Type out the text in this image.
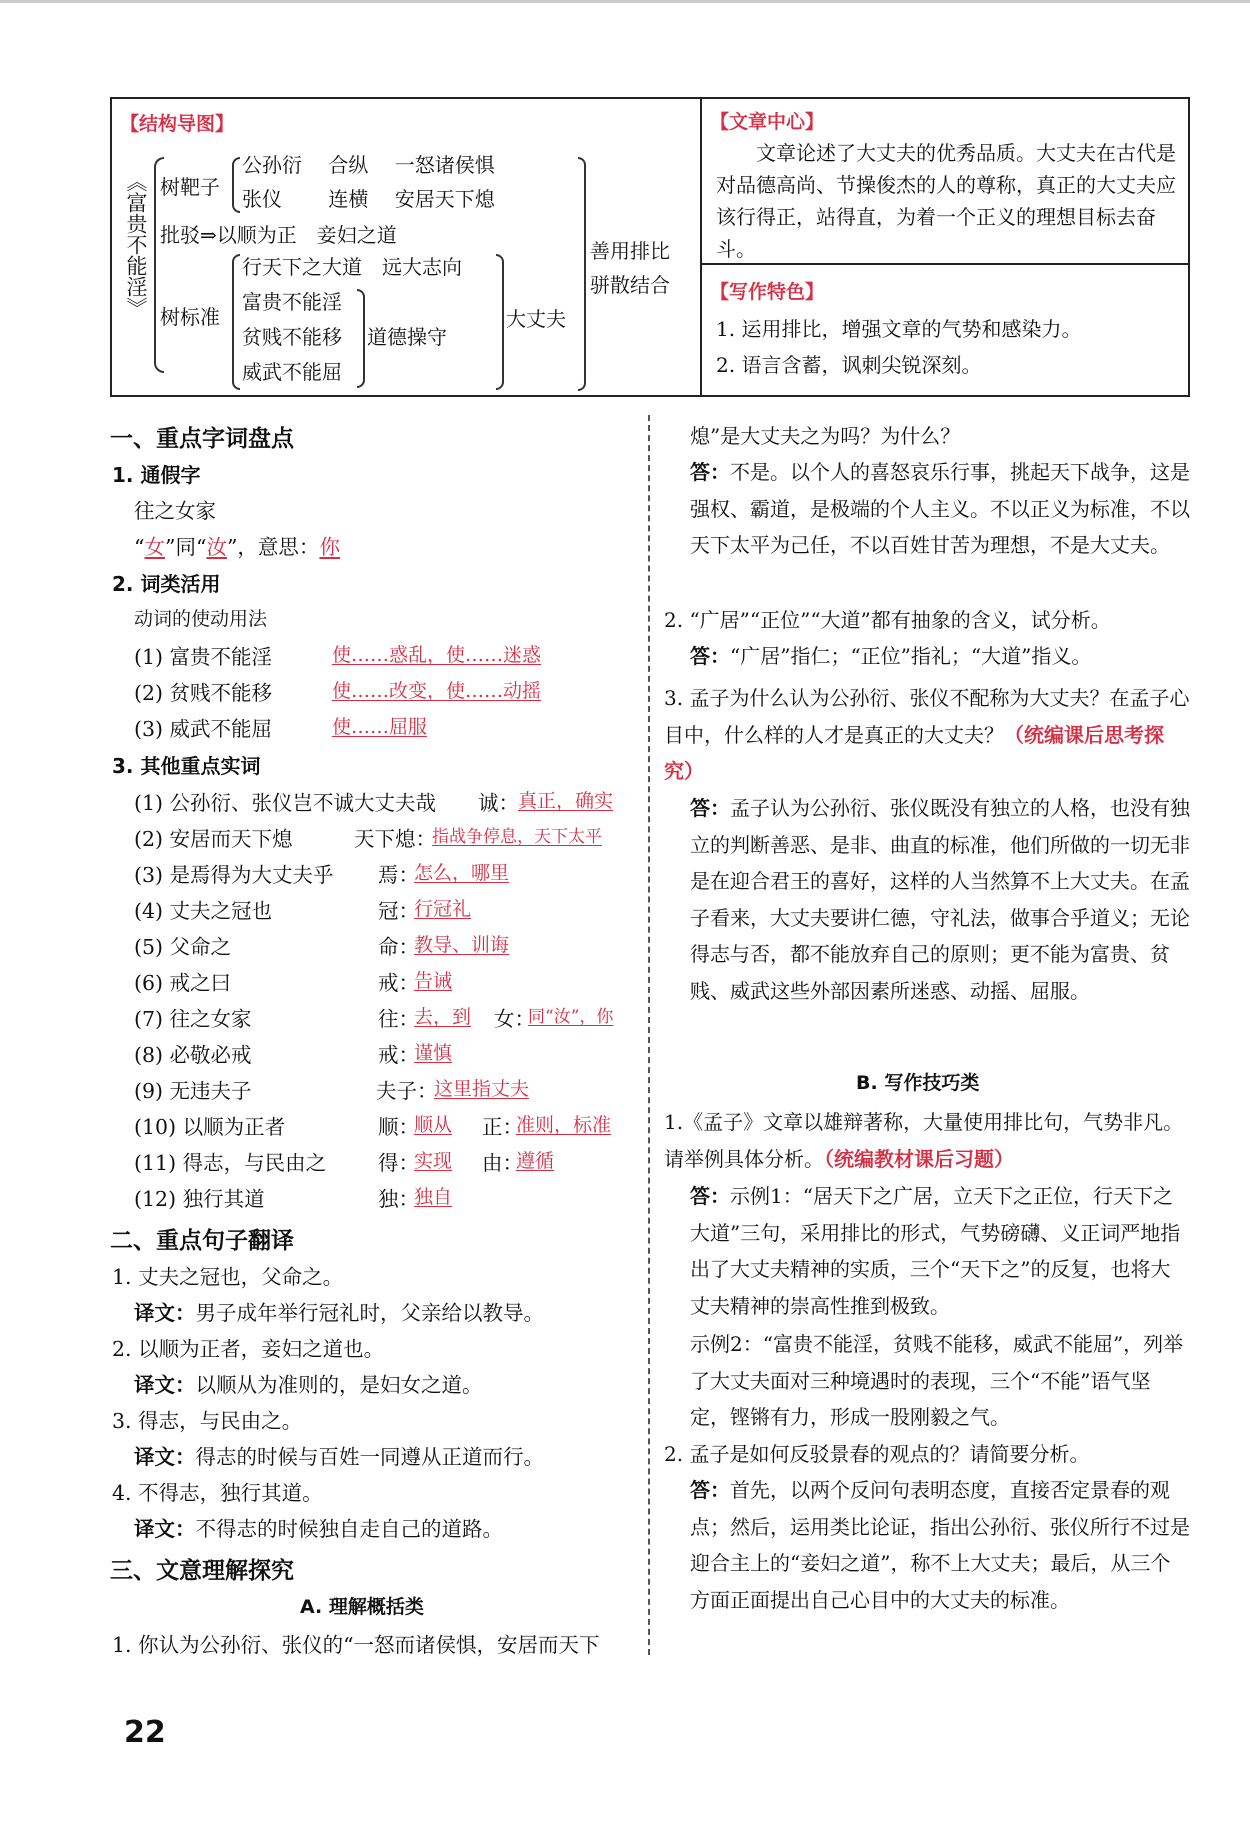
【结构导图】
《富贵不能淫》 树靶子
公孙衍　 合纵　 一怒诸侯惧
张仪　　 连横　 安居天下熄
批驳⇒以顺为正　妾妇之道
树标准
行天下之大道　远大志向
富贵不能淫
贫贱不能移
威武不能屈
道德操守
大丈夫
善用排比
骈散结合
【文章中心】
文章论述了大丈夫的优秀品质。大丈夫在古代是对品德高尚、节操俊杰的人的尊称，真正的大丈夫应该行得正，站得直，为着一个正义的理想目标去奋斗。
【写作特色】
1. 运用排比，增强文章的气势和感染力。
2. 语言含蓄，讽刺尖锐深刻。
一、重点字词盘点
1. 通假字
往之女家
“女”同“汝”，意思：你
2. 词类活用
动词的使动用法
(1) 富贵不能淫	使……惑乱，使……迷惑
(2) 贫贱不能移	使……改变，使……动摇
(3) 威武不能屈	使……屈服
3. 其他重点实词
(1) 公孙衍、张仪岂不诚大丈夫哉 诚： 真正，确实
(2) 安居而天下熄	天下熄：
指战争停息，天下太平
(3) 是焉得为大丈夫乎 焉：
怎么，哪里
(4) 丈夫之冠也	冠：
行冠礼
(5) 父命之	命：
教导、训诲
(6) 戒之曰	戒：
告诫
(7) 往之女家	往：
去，到 女：
同“汝”，你
(8) 必敬必戒	戒：
谨慎
(9) 无违夫子	夫子：
这里指丈夫
(10) 以顺为正者	顺：
顺从 正：
准则，标准
(11) 得志，与民由之	得：
实现 由：
遵循
(12) 独行其道	独：
独自
二、重点句子翻译
1. 丈夫之冠也，父命之。
译文：男子成年举行冠礼时，父亲给以教导。
2. 以顺为正者，妾妇之道也。
译文：以顺从为准则的，是妇女之道。
3. 得志，与民由之。
译文：得志的时候与百姓一同遵从正道而行。
4. 不得志，独行其道。
译文：不得志的时候独自走自己的道路。
三、文意理解探究
A. 理解概括类
1. 你认为公孙衍、张仪的“一怒而诸侯惧，安居而天下
熄”是大丈夫之为吗？为什么？
答：不是。以个人的喜怒哀乐行事，挑起天下战争，这是强权、霸道，是极端的个人主义。不以正义为标准，不以天下太平为己任，不以百姓甘苦为理想，不是大丈夫。
2. “广居”“正位”“大道”都有抽象的含义，试分析。
答：“广居”指仁；“正位”指礼；“大道”指义。
3. 孟子为什么认为公孙衍、张仪不配称为大丈夫？在孟子心目中，什么样的人才是真正的大丈夫？（统编课后思考探究）
答：孟子认为公孙衍、张仪既没有独立的人格，也没有独立的判断善恶、是非、曲直的标准，他们所做的一切无非是在迎合君王的喜好，这样的人当然算不上大丈夫。在孟子看来，大丈夫要讲仁德，守礼法，做事合乎道义；无论得志与否，都不能放弃自己的原则；更不能为富贵、贫贱、威武这些外部因素所迷惑、动摇、屈服。
B. 写作技巧类
1.《孟子》文章以雄辩著称，大量使用排比句，气势非凡。请举例具体分析。（统编教材课后习题）
答：示例1：“居天下之广居，立天下之正位，行天下之大道”三句，采用排比的形式，气势磅礴、义正词严地指出了大丈夫精神的实质，三个“天下之”的反复，也将大丈夫精神的崇高性推到极致。
示例2：“富贵不能淫，贫贱不能移，威武不能屈”，列举了大丈夫面对三种境遇时的表现，三个“不能”语气坚定，铿锵有力，形成一股刚毅之气。
2. 孟子是如何反驳景春的观点的？请简要分析。
答：首先，以两个反问句表明态度，直接否定景春的观点；然后，运用类比论证，指出公孙衍、张仪所行不过是迎合主上的“妾妇之道”，称不上大丈夫；最后，从三个方面正面提出自己心目中的大丈夫的标准。
22
